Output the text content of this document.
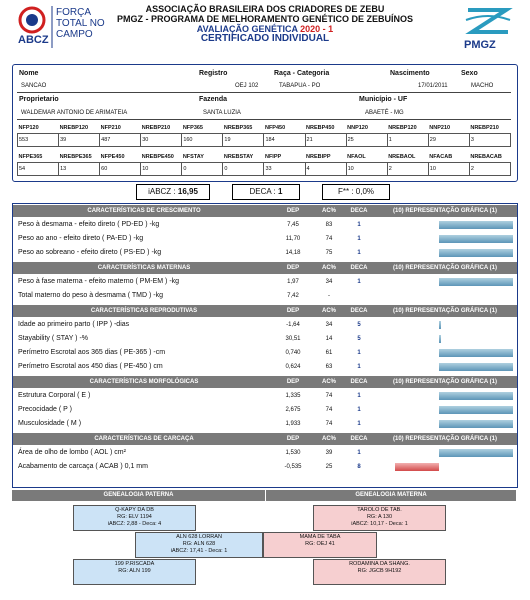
ABCZ
FORÇA
TOTAL NO
CAMPO
ASSOCIAÇÃO BRASILEIRA DOS CRIADORES DE ZEBU
PMGZ - PROGRAMA DE MELHORAMENTO GENÉTICO DE ZEBUÍNOS
AVALIAÇÃO GENÉTICA 2020 - 1
CERTIFICADO INDIVIDUAL
PMGZ
Nome	Registro	Raça - Categoria	Nascimento	Sexo
SANCAO	OEJ 102	TABAPUA - PO	17/01/2011	MACHO
Proprietario	Fazenda	Município - UF
WALDEMAR ANTONIO DE ARIMATEIA	SANTA LUZIA	ABAETÉ - MG
NFP120	NREBP120	NFP210	NREBP210	NFP365	NREBP365	NFP450	NREBP450	NNP120	NREBP120	NNP210	NREBP210
553	39	487	30	160	19	184	21	25	1	29	3
NFPE365	NREBPE365	NFPE450	NREBPE450	NFSTAY	NREBSTAY	NFIPP	NREBIPP	NFAOL	NREBAOL	NFACAB	NREBACAB
54	13	60	10	0	0	33	4	10	2	10	2
iABCZ : 16,95	DECA : 1	F** : 0,0%
CARACTERÍSTICAS DE CRESCIMENTO	DEP	AC%	DECA	(10) REPRESENTAÇÃO GRÁFICA (1)
Peso à desmama - efeito direto ( PD-ED ) -kg	7,45	83	1
Peso ao ano - efeito direto ( PA-ED ) -kg	11,70	74	1
Peso ao sobreano - efeito direto ( PS-ED ) -kg	14,18	75	1
CARACTERÍSTICAS MATERNAS	DEP	AC%	DECA	(10) REPRESENTAÇÃO GRÁFICA (1)
Peso à fase materna - efeito materno ( PM-EM ) -kg	1,97	34	1
Total materno do peso à desmama ( TMD ) -kg	7,42	-
CARACTERÍSTICAS REPRODUTIVAS	DEP	AC%	DECA	(10) REPRESENTAÇÃO GRÁFICA (1)
Idade ao primeiro parto ( IPP ) -dias	-1,64	34	5
Stayability ( STAY ) -%	30,51	14	5
Perímetro Escrotal aos 365 dias ( PE-365 ) -cm	0,740	61	1
Perímetro Escrotal aos 450 dias ( PE-450 ) cm	0,624	63	1
CARACTERÍSTICAS MORFOLÓGICAS	DEP	AC%	DECA	(10) REPRESENTAÇÃO GRÁFICA (1)
Estrutura Corporal ( E )	1,335	74	1
Precocidade ( P )	2,675	74	1
Musculosidade ( M )	1,933	74	1
CARACTERÍSTICAS DE CARCAÇA	DEP	AC%	DECA	(10) REPRESENTAÇÃO GRÁFICA (1)
Área de olho de lombo ( AOL ) cm²	1,530	39	1
Acabamento de carcaça ( ACAB ) 0,1 mm	-0,535	25	8
GENEALOGIA PATERNA	GENEALOGIA MATERNA
Q-KAPY DA DB
RG: ELV 1194
iABCZ: 2,88 - Deca: 4
ALN 628 LORRAN
RG: ALN 628
iABCZ: 17,41 - Deca: 1
199 P.RISCADA
RG: ALN 199
TAROLO DE TAB.
RG: A 130
iABCZ: 10,17 - Deca: 1
MAMA DE TABA
RG: OEJ 41
RODAMINA DA SHANG.
RG: JGCB 9H192
